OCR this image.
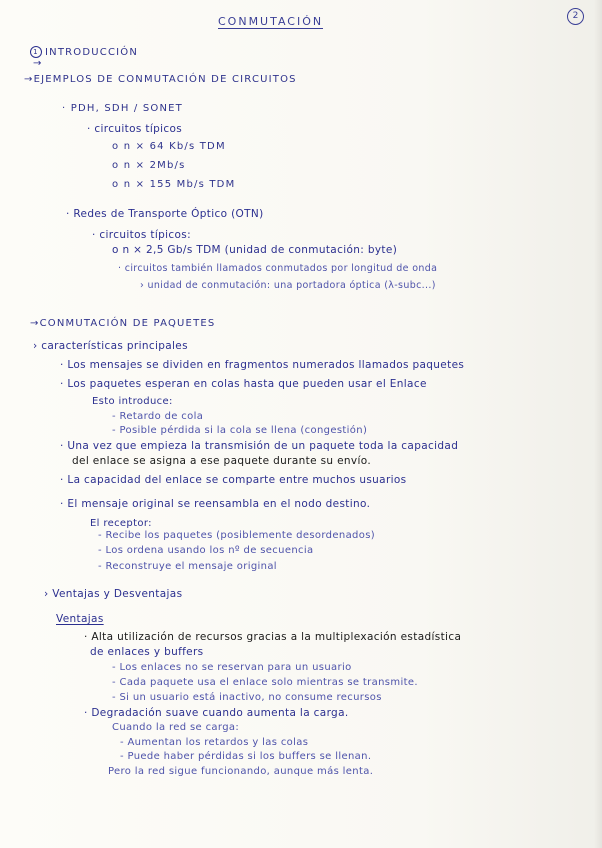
CONMUTACIÓN	2
1 INTRODUCCIÓN
→
→EJEMPLOS DE CONMUTACIÓN DE CIRCUITOS
· PDH, SDH / SONET
· circuitos típicos
o n × 64 Kb/s TDM
o n × 2Mb/s
o n × 155 Mb/s TDM
· Redes de Transporte Óptico (OTN)
· circuitos típicos:
o n × 2,5 Gb/s TDM (unidad de conmutación: byte)
· circuitos también llamados conmutados por longitud de onda
› unidad de conmutación: una portadora óptica (λ-subc...)
→CONMUTACIÓN DE PAQUETES
› características principales
· Los mensajes se dividen en fragmentos numerados llamados paquetes
· Los paquetes esperan en colas hasta que pueden usar el Enlace
Esto introduce:
- Retardo de cola
- Posible pérdida si la cola se llena (congestión)
· Una vez que empieza la transmisión de un paquete toda la capacidad
del enlace se asigna a ese paquete durante su envío.
· La capacidad del enlace se comparte entre muchos usuarios
· El mensaje original se reensambla en el nodo destino.
El receptor:
- Recibe los paquetes (posiblemente desordenados)
- Los ordena usando los nº de secuencia
- Reconstruye el mensaje original
› Ventajas y Desventajas
Ventajas
· Alta utilización de recursos gracias a la multiplexación estadística
de enlaces y buffers
- Los enlaces no se reservan para un usuario
- Cada paquete usa el enlace solo mientras se transmite.
- Si un usuario está inactivo, no consume recursos
· Degradación suave cuando aumenta la carga.
Cuando la red se carga:
- Aumentan los retardos y las colas
- Puede haber pérdidas si los buffers se llenan.
Pero la red sigue funcionando, aunque más lenta.
